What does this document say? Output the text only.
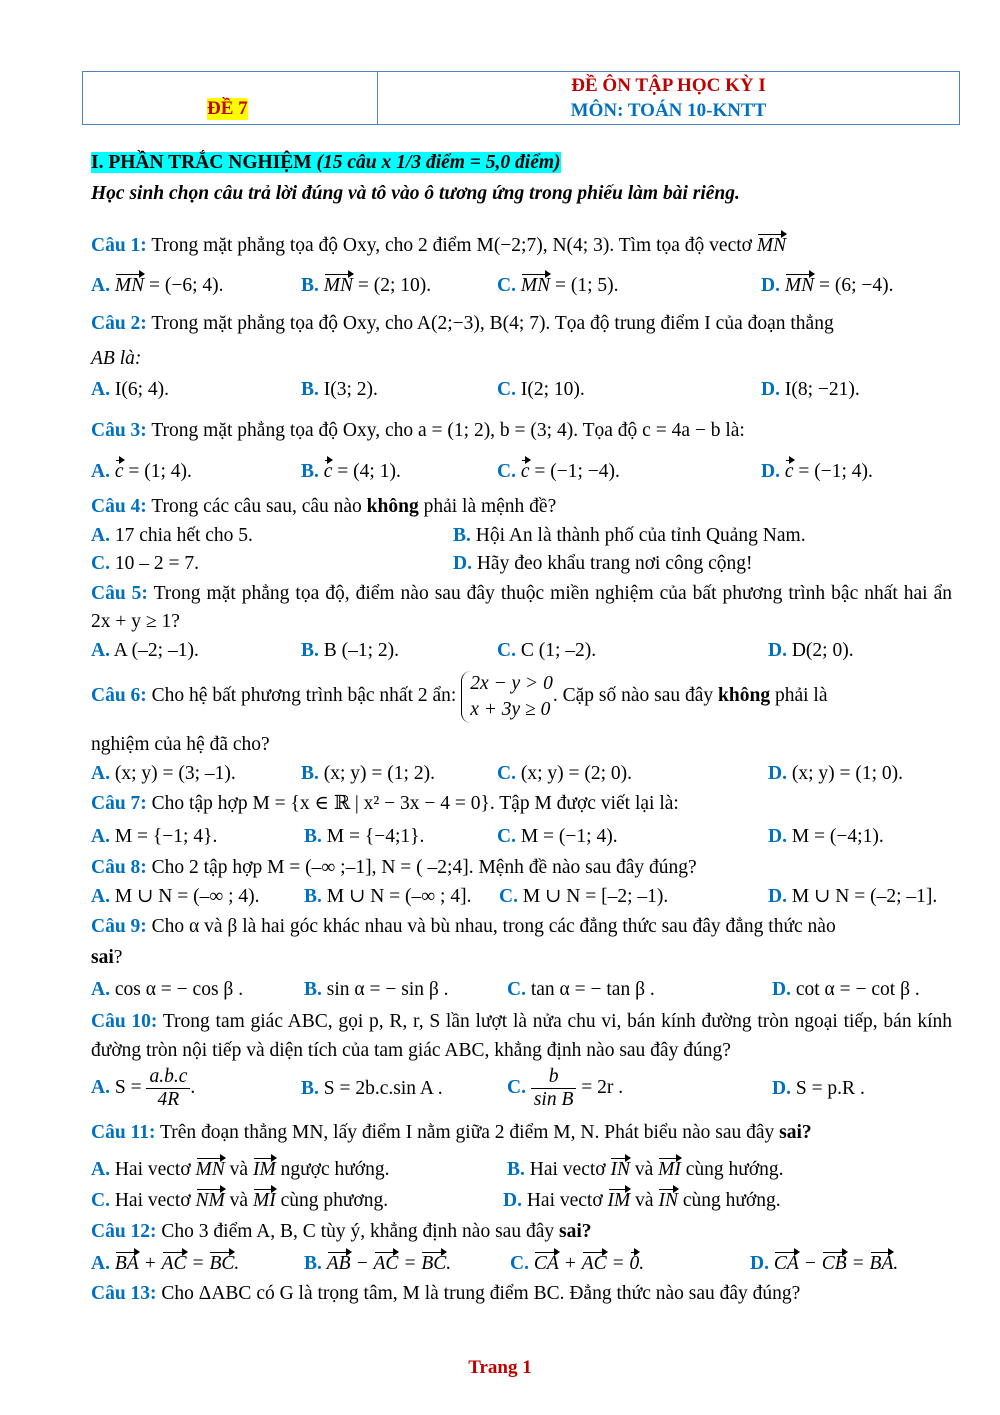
ĐỀ 7
ĐỀ ÔN TẬP HỌC KỲ I
MÔN: TOÁN 10-KNTT
I. PHẦN TRẮC NGHIỆM (15 câu x 1/3 điểm = 5,0 điểm)
Học sinh chọn câu trả lời đúng và tô vào ô tương ứng trong phiếu làm bài riêng.
Câu 1: Trong mặt phẳng tọa độ Oxy, cho 2 điểm M(−2;7), N(4; 3). Tìm tọa độ vectơ MN
A. MN = (−6; 4).	B. MN = (2; 10).	C. MN = (1; 5).	D. MN = (6; −4).
Câu 2: Trong mặt phẳng tọa độ Oxy, cho A(2;−3), B(4; 7). Tọa độ trung điểm I của đoạn thẳng
AB là:
A. I(6; 4).	B. I(3; 2).	C. I(2; 10).	D. I(8; −21).
Câu 3: Trong mặt phẳng tọa độ Oxy, cho a = (1; 2), b = (3; 4). Tọa độ c = 4a − b là:
A. c = (1; 4).	B. c = (4; 1).	C. c = (−1; −4).	D. c = (−1; 4).
Câu 4: Trong các câu sau, câu nào không phải là mệnh đề?
A. 17 chia hết cho 5.	B. Hội An là thành phố của tỉnh Quảng Nam.
C. 10 – 2 = 7.	D. Hãy đeo khẩu trang nơi công cộng!
Câu 5: Trong mặt phẳng tọa độ, điểm nào sau đây thuộc miền nghiệm của bất phương trình bậc nhất hai ẩn 2x + y ≥ 1?
A. A (–2; –1).	B. B (–1; 2).	C. C (1; –2).	D. D(2; 0).
Câu 6: Cho hệ bất phương trình bậc nhất 2 ẩn:
2x − y > 0
x + 3y ≥ 0
. Cặp số nào sau đây không phải là
nghiệm của hệ đã cho?
A. (x; y) = (3; –1).	B. (x; y) = (1; 2).	C. (x; y) = (2; 0).	D. (x; y) = (1; 0).
Câu 7: Cho tập hợp M = {x ∈ ℝ | x² − 3x − 4 = 0}. Tập M được viết lại là:
A. M = {−1; 4}.	B. M = {−4;1}.	C. M = (−1; 4).	D. M = (−4;1).
Câu 8: Cho 2 tập hợp M = (–∞ ;–1], N = ( –2;4]. Mệnh đề nào sau đây đúng?
A. M ∪ N = (–∞ ; 4). B. M ∪ N = (–∞ ; 4]. C. M ∪ N = [–2; –1).	D. M ∪ N = (–2; –1].
Câu 9: Cho α và β là hai góc khác nhau và bù nhau, trong các đẳng thức sau đây đẳng thức nào
sai?
A. cos α = − cos β .	B. sin α = − sin β .	C. tan α = − tan β .	D. cot α = − cot β .
Câu 10: Trong tam giác ABC, gọi p, R, r, S lần lượt là nửa chu vi, bán kính đường tròn ngoại tiếp, bán kính đường tròn nội tiếp và diện tích của tam giác ABC, khẳng định nào sau đây đúng?
A. $S = \frac{a.b.c}{4R}$ .	B. S = 2b.c.sin A .	C. $\frac{b}{\text{sin B}} = 2r$ .	D. S = p.R .
Câu 11: Trên đoạn thẳng MN, lấy điểm I nằm giữa 2 điểm M, N. Phát biểu nào sau đây sai?
A. Hai vectơ MN và IM ngược hướng.	B. Hai vectơ IN và MI cùng hướng.
C. Hai vectơ NM và MI cùng phương.	D. Hai vectơ IM và IN cùng hướng.
Câu 12: Cho 3 điểm A, B, C tùy ý, khẳng định nào sau đây sai?
A. BA + AC = BC.	B. AB − AC = BC.	C. CA + AC = 0.	D. CA − CB = BA.
Câu 13: Cho ΔABC có G là trọng tâm, M là trung điểm BC. Đẳng thức nào sau đây đúng?
Trang 1
